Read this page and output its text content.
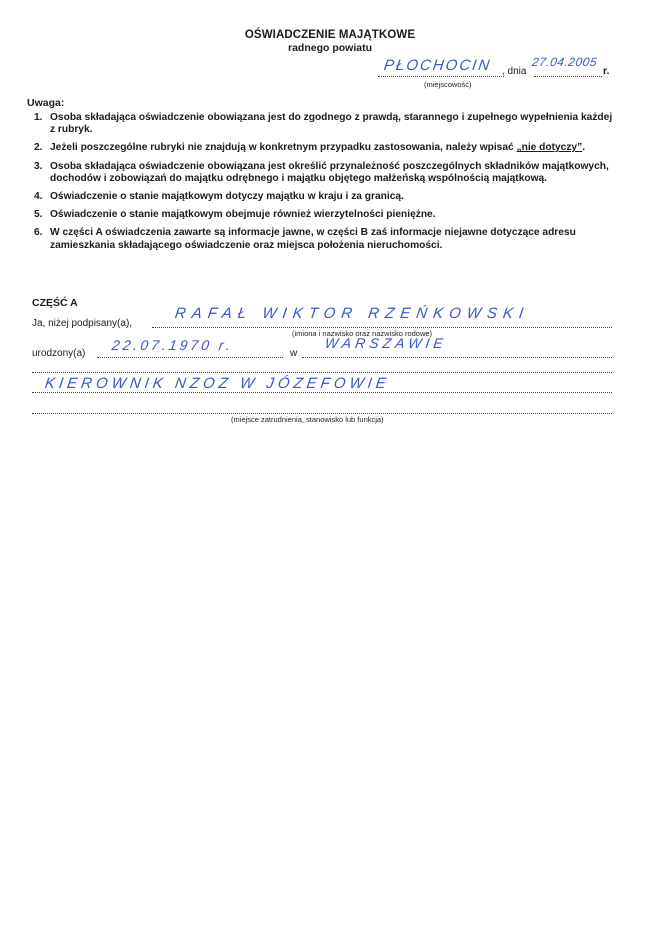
OŚWIADCZENIE MAJĄTKOWE
radnego powiatu
PŁOCHOCIN , dnia
27.04.2005
r.
(miejscowość)
Uwaga:
1. Osoba składająca oświadczenie obowiązana jest do zgodnego z prawdą, starannego i zupełnego wypełnienia każdej z rubryk.
2. Jeżeli poszczególne rubryki nie znajdują w konkretnym przypadku zastosowania, należy wpisać „nie dotyczy”.
3. Osoba składająca oświadczenie obowiązana jest określić przynależność poszczególnych składników majątkowych, dochodów i zobowiązań do majątku odrębnego i majątku objętego małżeńską wspólnością majątkową.
4. Oświadczenie o stanie majątkowym dotyczy majątku w kraju i za granicą.
5. Oświadczenie o stanie majątkowym obejmuje również wierzytelności pieniężne.
6. W części A oświadczenia zawarte są informacje jawne, w części B zaś informacje niejawne dotyczące adresu zamieszkania składającego oświadczenie oraz miejsca położenia nieruchomości.
CZĘŚĆ A
Ja, niżej podpisany(a),
RAFAŁ WIKTOR RZEŃKOWSKI
(imiona i nazwisko oraz nazwisko rodowe)
urodzony(a)
22.07.1970 r.
w
WARSZAWIE
KIEROWNIK NZOZ W JÓZEFOWIE
(miejsce zatrudnienia, stanowisko lub funkcja)
